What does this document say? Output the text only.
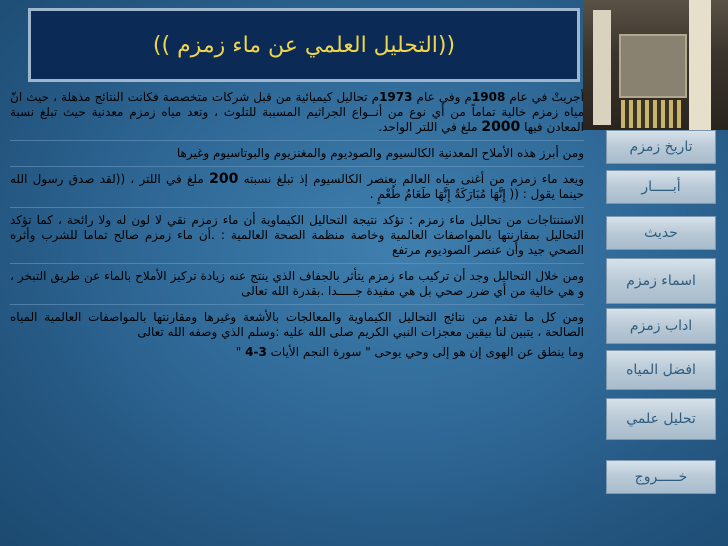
((التحليل العلمي عن ماء زمزم ))

أجريتْ في عام 1908م وفي عام 1973م تحاليل كيميائية من قبل شركات متخصصة فكانت النتائج مذهلة ، حيث انّ مياه زمزم خالية تماماً من أي نوع من أنــواع الجراثيم المسببة للتلوث ، وتعد مياه زمزم معدنية حيث تبلغ نسبة المعادن فيها 2000 ملغ في اللتر الواحد.

ومن أبرز هذه الأملاح المعدنية الكالسيوم والصوديوم والمغنزيوم والبوتاسيوم وغيرها

ويعد ماء زمزم من أغنى مياه العالم بعنصر الكالسيوم إذ تبلغ نسبته 200 ملغ في اللتر ، ((لقد صدق رسول الله حينما يقول : (( إِنَّهَا مُبَارَكَةٌ إِنَّهَا طَعَامُ طُعْمٍ .

الاستنتاجات من تحاليل ماء زمزم : تؤكد نتيجة التحاليل الكيماوية أن ماء زمزم نقي لا لون له ولا رائحة ، كما تؤكد التحاليل بمقارنتها بالمواصفات العالمية وخاصة منظمة الصحة العالمية : .أن ماء زمزم صالح تماما للشرب وأثره الصحي جيد وأن عنصر الصوديوم مرتفع

ومن خلال التحاليل وجد أن تركيب ماء زمزم يتأثر بالجفاف الذي ينتج عنه زيادة تركيز الأملاح بالماء عن طريق التبخر ، و هي خالية من أي ضرر صحي بل هي مفيدة جـــــدا .بقدرة الله تعالى

ومن كل ما تقدم من نتائج التحاليل الكيماوية والمعالجات بالأشعة وغيرها ومقارنتها بالمواصفات العالمية المياه الصالحة ، يتبين لنا بيقين معجزات النبي الكريم صلى الله عليه :وسلم الذي وصفه الله تعالى

وما ينطق عن الهوى إن هو إلى وحي يوحى " سورة النجم الأيات 3-4 "

تاريخ زمزم
أبـــــار
حديث
اسماء زمزم
اداب زمزم
افضل المياه
تحليل علمي
خـــــروج
